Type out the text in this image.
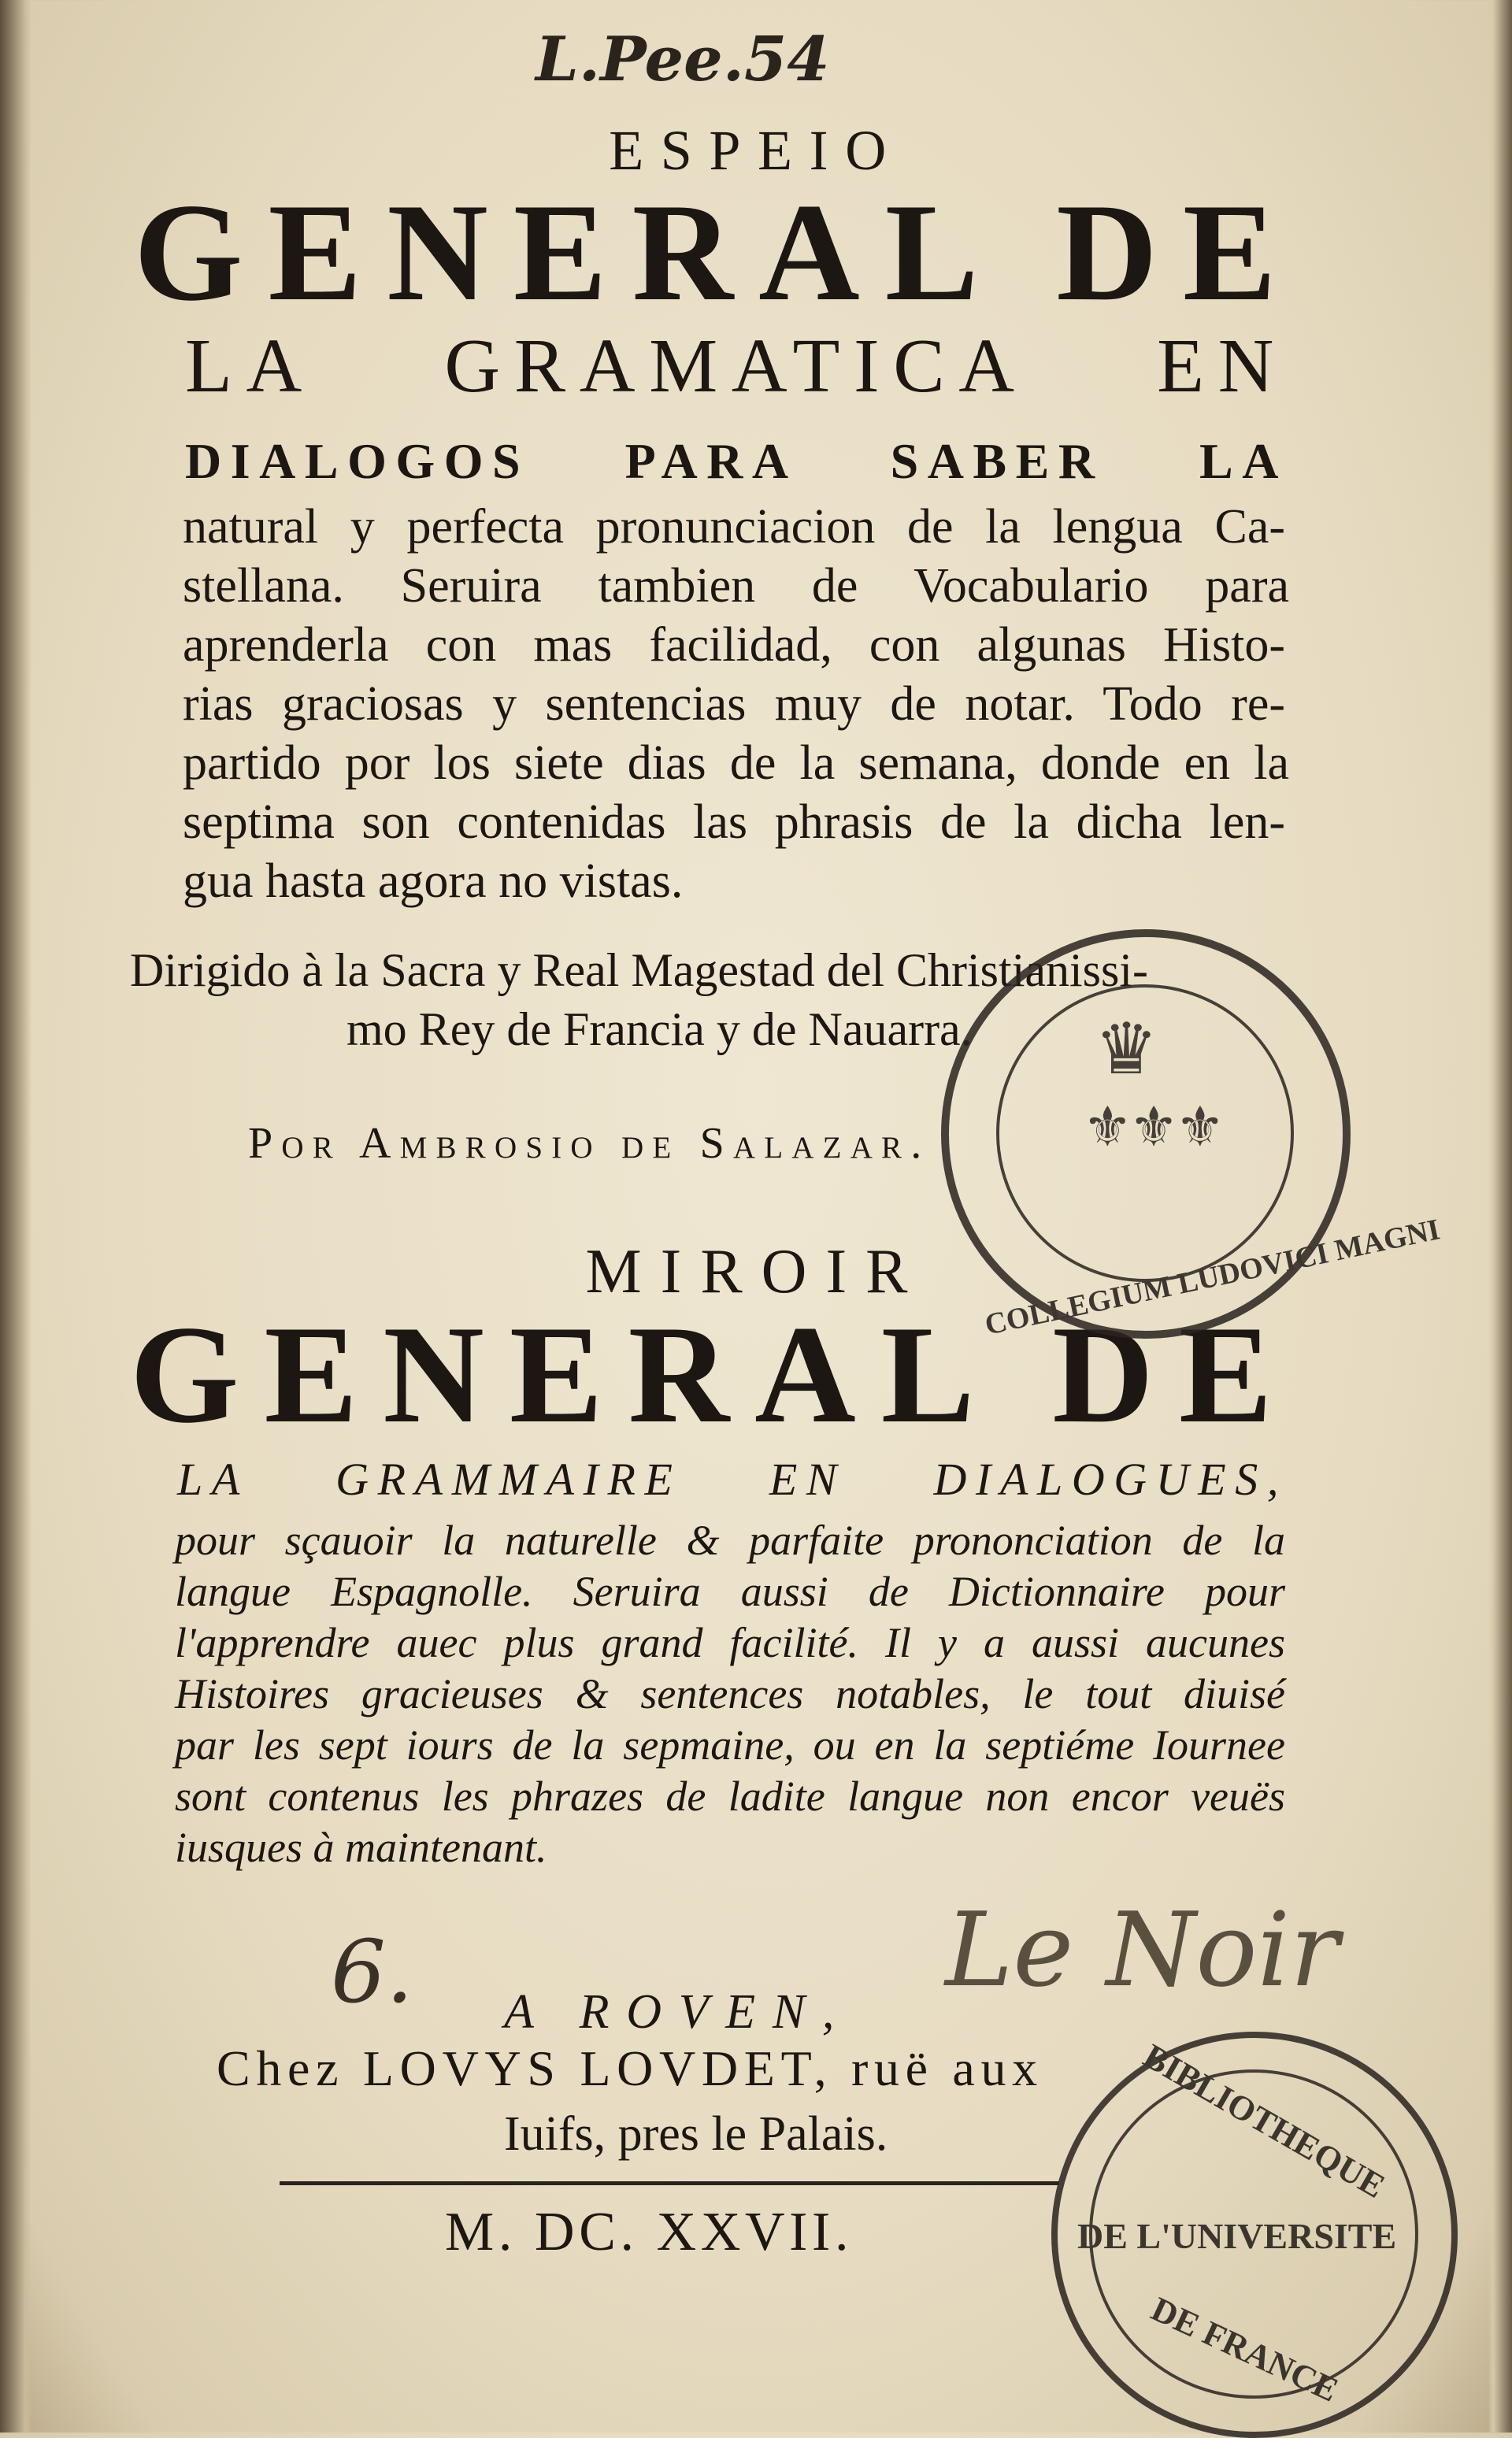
L.Pee.54
ESPEIO
GENERAL DE
LA GRAMATICA EN
DIALOGOS PARA SABER LA
natural y perfecta pronunciacion de la lengua Ca-
stellana. Seruira tambien de Vocabulario para
aprenderla con mas facilidad, con algunas Histo-
rias graciosas y sentencias muy de notar. Todo re-
partido por los siete dias de la semana, donde en la
septima son contenidas las phrasis de la dicha len-
gua hasta agora no vistas.
Dirigido à la Sacra y Real Magestad del Christianissi-
mo Rey de Francia y de Nauarra.
Por Ambrosio de Salazar.
MIROIR
GENERAL DE
LA GRAMMAIRE EN DIALOGUES,
pour sçauoir la naturelle & parfaite prononciation de la
langue Espagnolle. Seruira aussi de Dictionnaire pour
l'apprendre auec plus grand facilité. Il y a aussi aucunes
Histoires gracieuses & sentences notables, le tout diuisé
par les sept iours de la sepmaine, ou en la septiéme Iournee
sont contenus les phrazes de ladite langue non encor veuës
iusques à maintenant.
6.	Le Noir
A ROVEN,
Chez LOVYS LOVDET, ruë aux
Iuifs, pres le Palais.
M. DC. XXVII.
♛
⚜⚜⚜
COLLEGIUM LUDOVICI MAGNI
BIBLIOTHEQUE
DE L'UNIVERSITE
DE FRANCE
